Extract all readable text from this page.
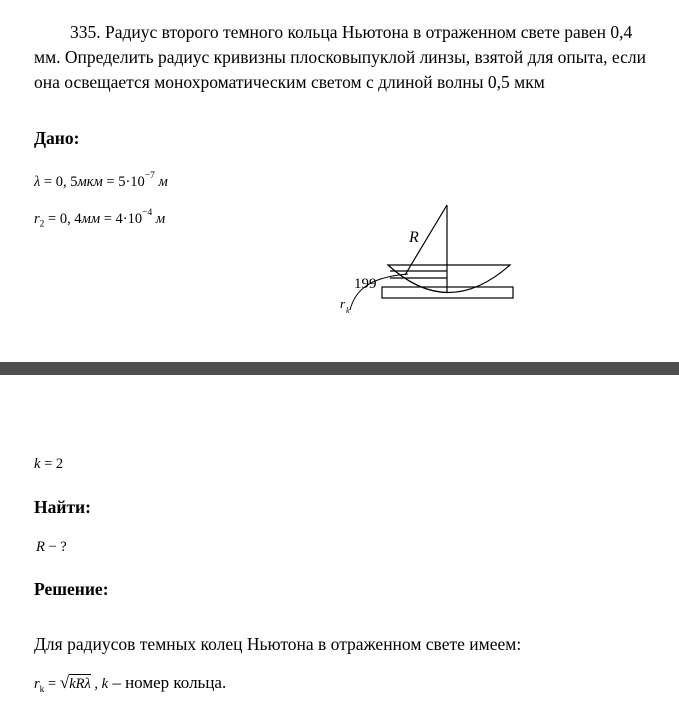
335. Радиус второго темного кольца Ньютона в отраженном свете равен 0,4 мм. Определить радиус кривизны плосковыпуклой линзы, взятой для опыта, если она освещается монохроматическим светом с длиной волны 0,5 мкм
Дано:
λ = 0, $5мкм = 5\cdot 10^{-7}$ м
$r_2 = 0$, $4мм = 4\cdot 10^{-4}$ м
R
199
r k
k = 2
Найти:
R − ?
Решение:
Для радиусов темных колец Ньютона в отраженном свете имеем:
$r_k = √kR\lambda$ , k – номер кольца.
